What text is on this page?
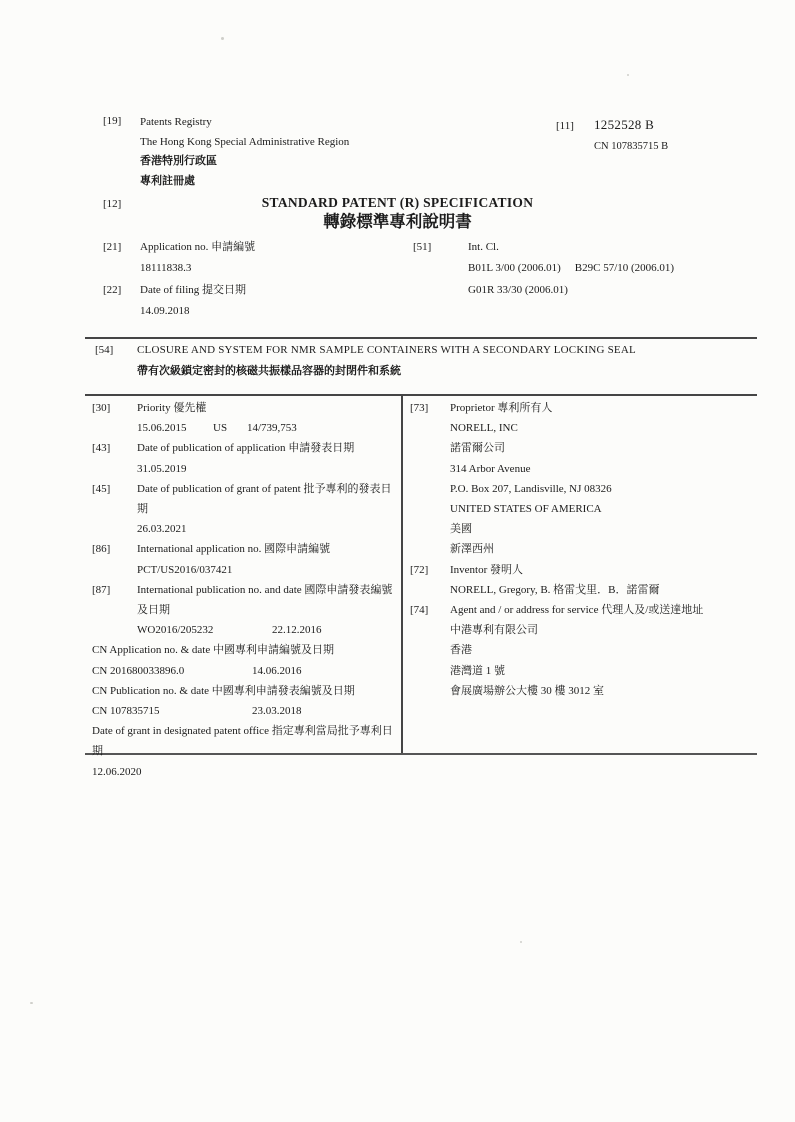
[19] Patents Registry
The Hong Kong Special Administrative Region
香港特別行政區
專利註冊處
[11] 1252528 B
CN 107835715 B
[12]	STANDARD PATENT (R) SPECIFICATION
轉錄標準專利說明書
[21]	Application no. 申請編號
18111838.3
[22]	Date of filing 提交日期
14.09.2018
[51]	Int. Cl.
B01L 3/00 (2006.01) B29C 57/10 (2006.01)
G01R 33/30 (2006.01)
[54]	CLOSURE AND SYSTEM FOR NMR SAMPLE CONTAINERS WITH A SECONDARY LOCKING SEAL
帶有次級鎖定密封的核磁共振樣品容器的封閉件和系統
[30]	Priority 優先權
15.06.2015 US 14/739,753
[43]	Date of publication of application 申請發表日期
31.05.2019
[45]	Date of publication of grant of patent 批予專利的發表日期
26.03.2021
[86]	International application no. 國際申請編號
PCT/US2016/037421
[87]	International publication no. and date 國際申請發表編號及日期
WO2016/205232	22.12.2016
CN Application no. & date 中國專利申請編號及日期
CN 201680033896.0	14.06.2016
CN Publication no. & date 中國專利申請發表編號及日期
CN 107835715	23.03.2018
Date of grant in designated patent office 指定專利當局批予專利日期
12.06.2020
[73]	Proprietor 專利所有人
NORELL, INC
諾雷爾公司
314 Arbor Avenue
P.O. Box 207, Landisville, NJ 08326
UNITED STATES OF AMERICA
美國
新澤西州
[72]	Inventor 發明人
NORELL, Gregory, B. 格雷戈里．B．諾雷爾
[74]	Agent and / or address for service 代理人及/或送達地址
中港專利有限公司
香港
港灣道 1 號
會展廣場辦公大樓 30 樓 3012 室
